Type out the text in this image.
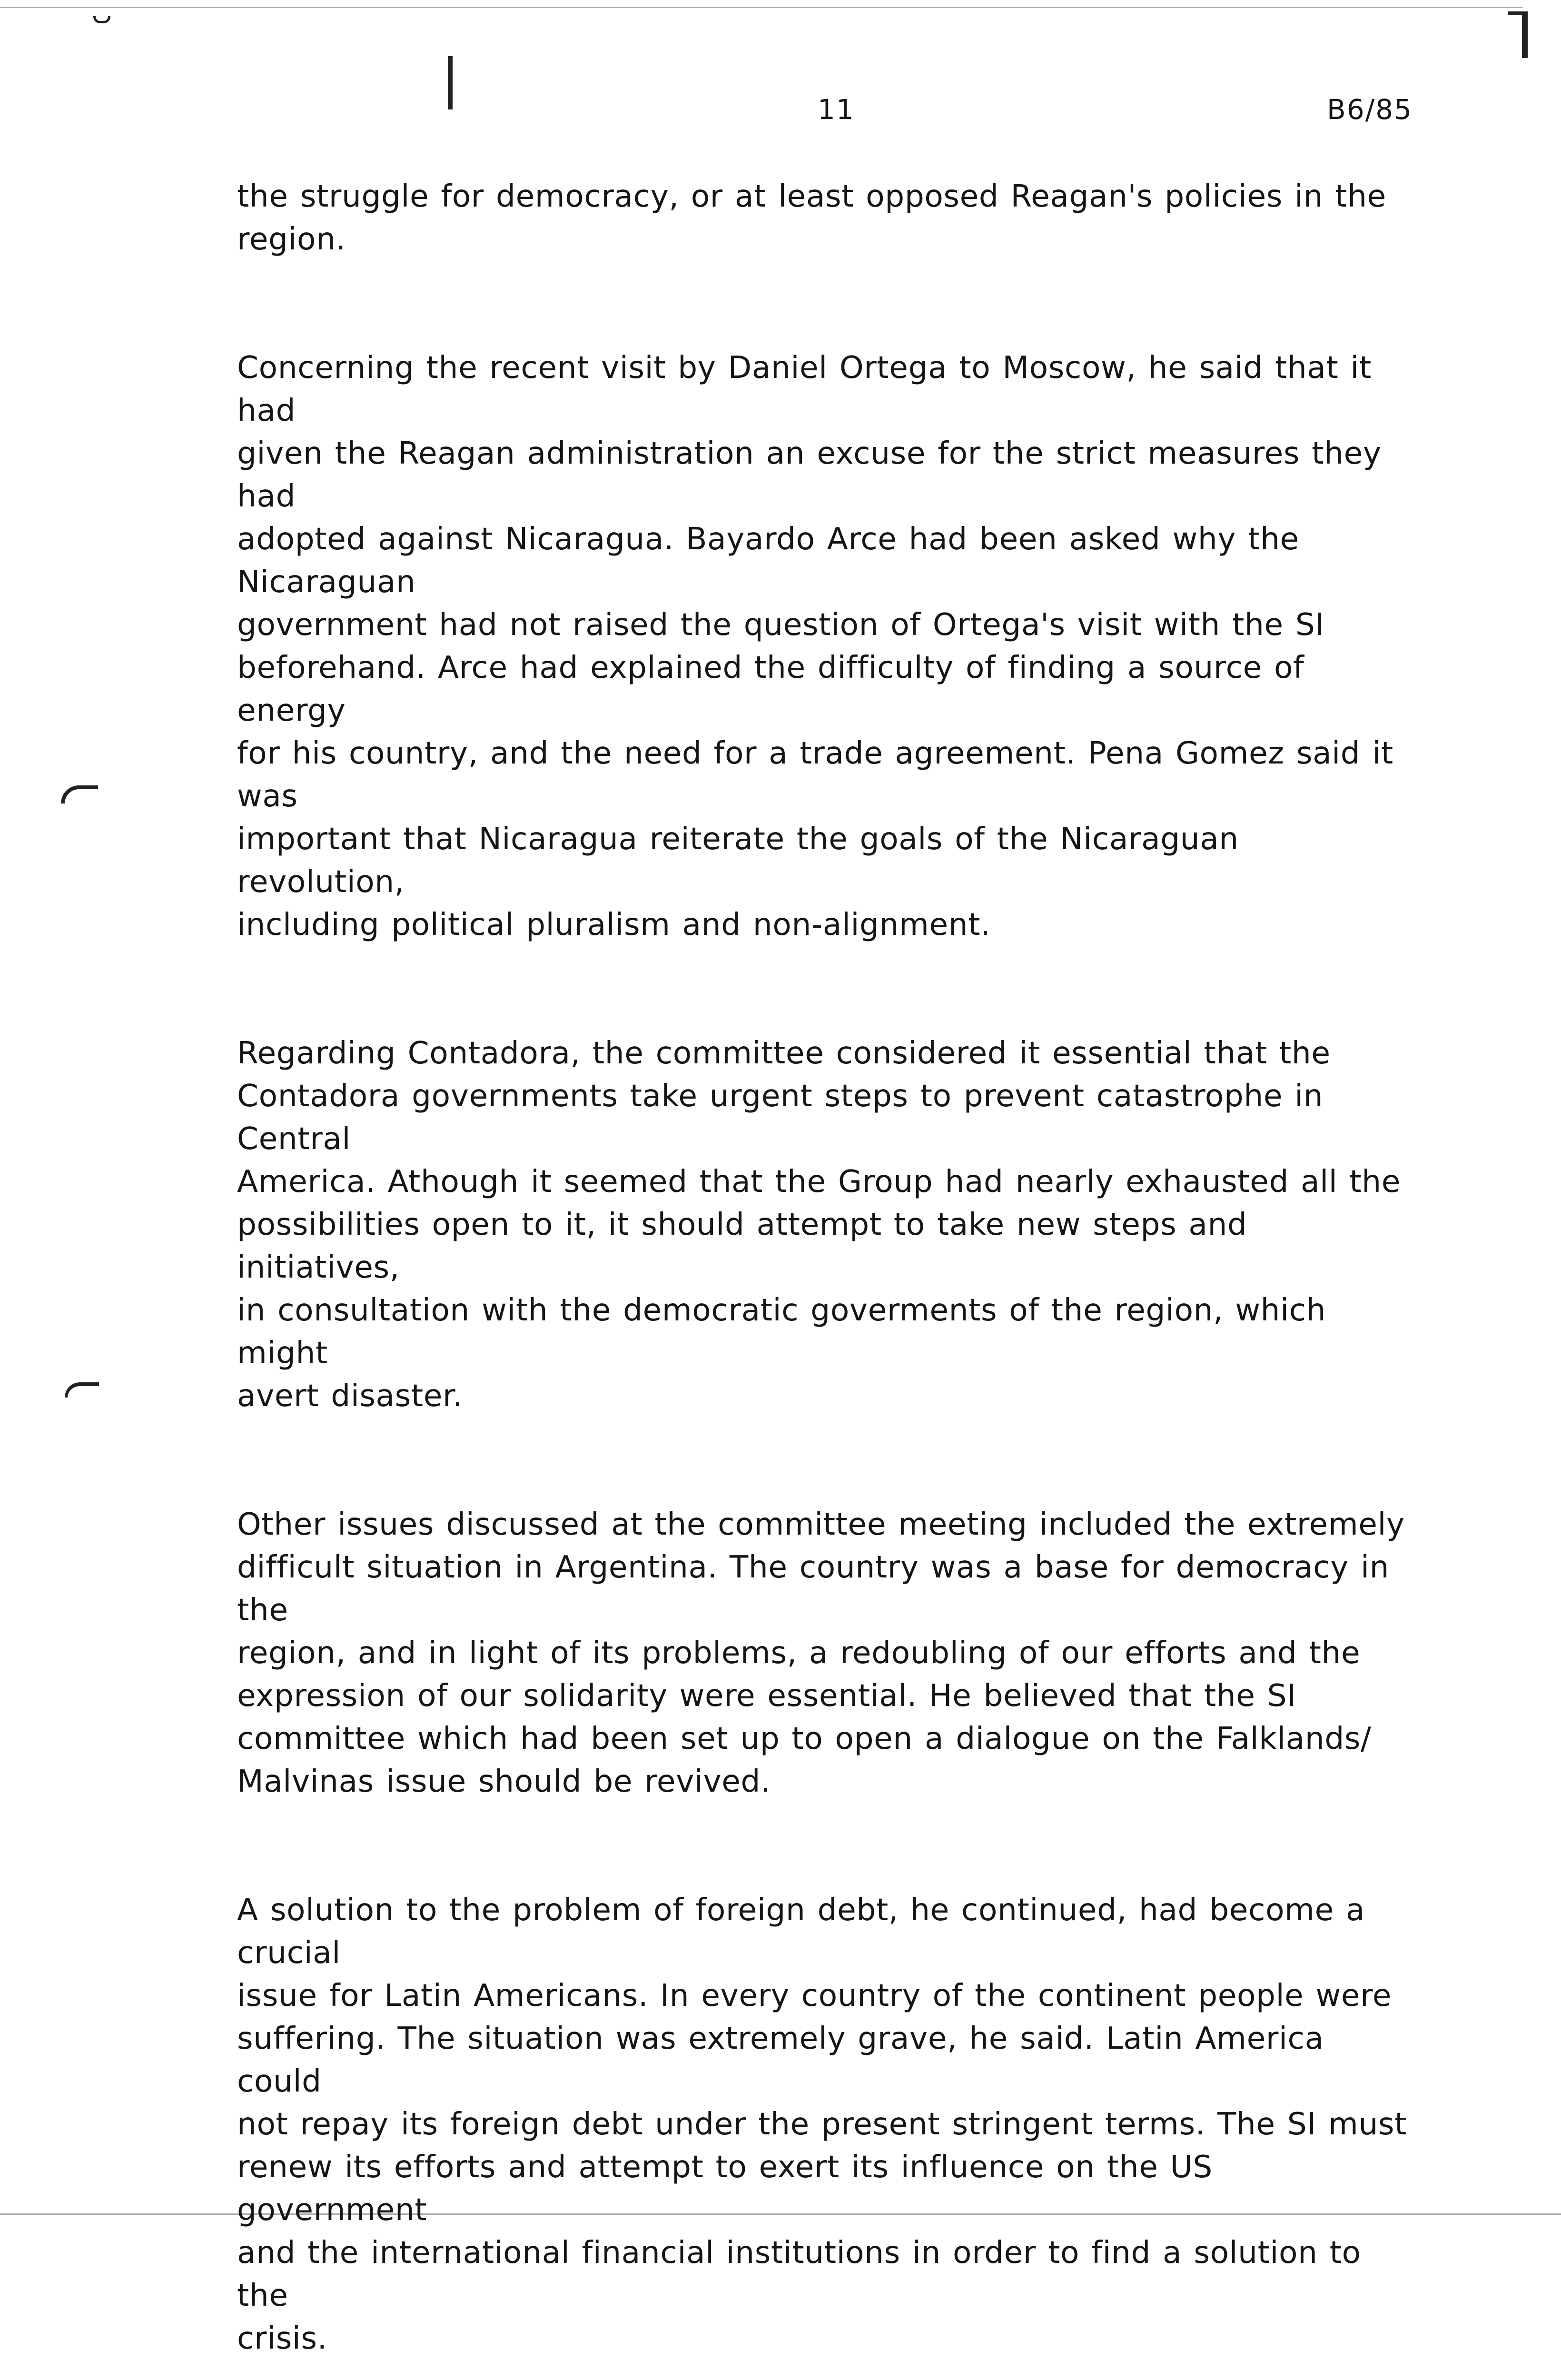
11	B6/85
the struggle for democracy, or at least opposed Reagan's policies in the
region.
Concerning the recent visit by Daniel Ortega to Moscow, he said that it had
given the Reagan administration an excuse for the strict measures they had
adopted against Nicaragua. Bayardo Arce had been asked why the Nicaraguan
government had not raised the question of Ortega's visit with the SI
beforehand. Arce had explained the difficulty of finding a source of energy
for his country, and the need for a trade agreement. Pena Gomez said it was
important that Nicaragua reiterate the goals of the Nicaraguan revolution,
including political pluralism and non-alignment.
Regarding Contadora, the committee considered it essential that the
Contadora governments take urgent steps to prevent catastrophe in Central
America. Athough it seemed that the Group had nearly exhausted all the
possibilities open to it, it should attempt to take new steps and initiatives,
in consultation with the democratic goverments of the region, which might
avert disaster.
Other issues discussed at the committee meeting included the extremely
difficult situation in Argentina. The country was a base for democracy in the
region, and in light of its problems, a redoubling of our efforts and the
expression of our solidarity were essential. He believed that the SI
committee which had been set up to open a dialogue on the Falklands/
Malvinas issue should be revived.
A solution to the problem of foreign debt, he continued, had become a crucial
issue for Latin Americans. In every country of the continent people were
suffering. The situation was extremely grave, he said. Latin America could
not repay its foreign debt under the present stringent terms. The SI must
renew its efforts and attempt to exert its influence on the US government
and the international financial institutions in order to find a solution to the
crisis.
